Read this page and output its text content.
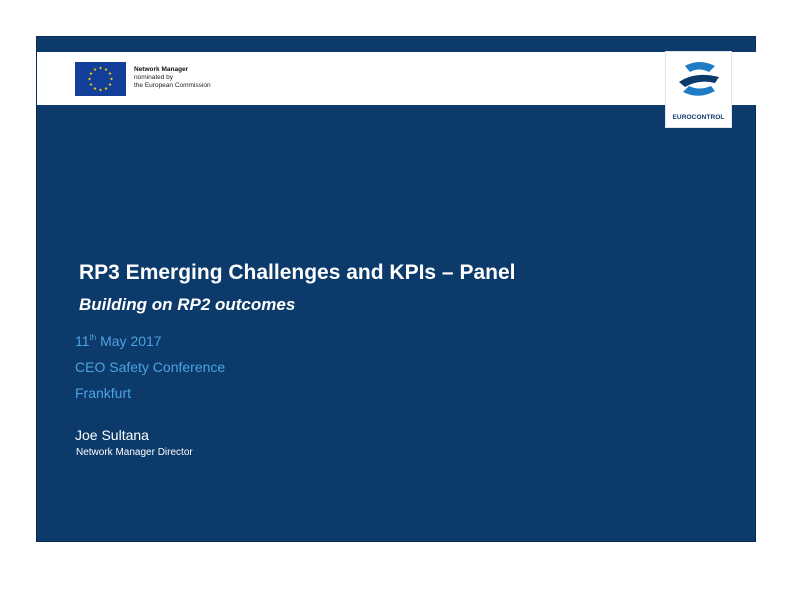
Network Manager
nominated by
the European Commission
EUROCONTROL
RP3 Emerging Challenges and KPIs – Panel
Building on RP2 outcomes
11th May 2017
CEO Safety Conference
Frankfurt
Joe Sultana
Network Manager Director
